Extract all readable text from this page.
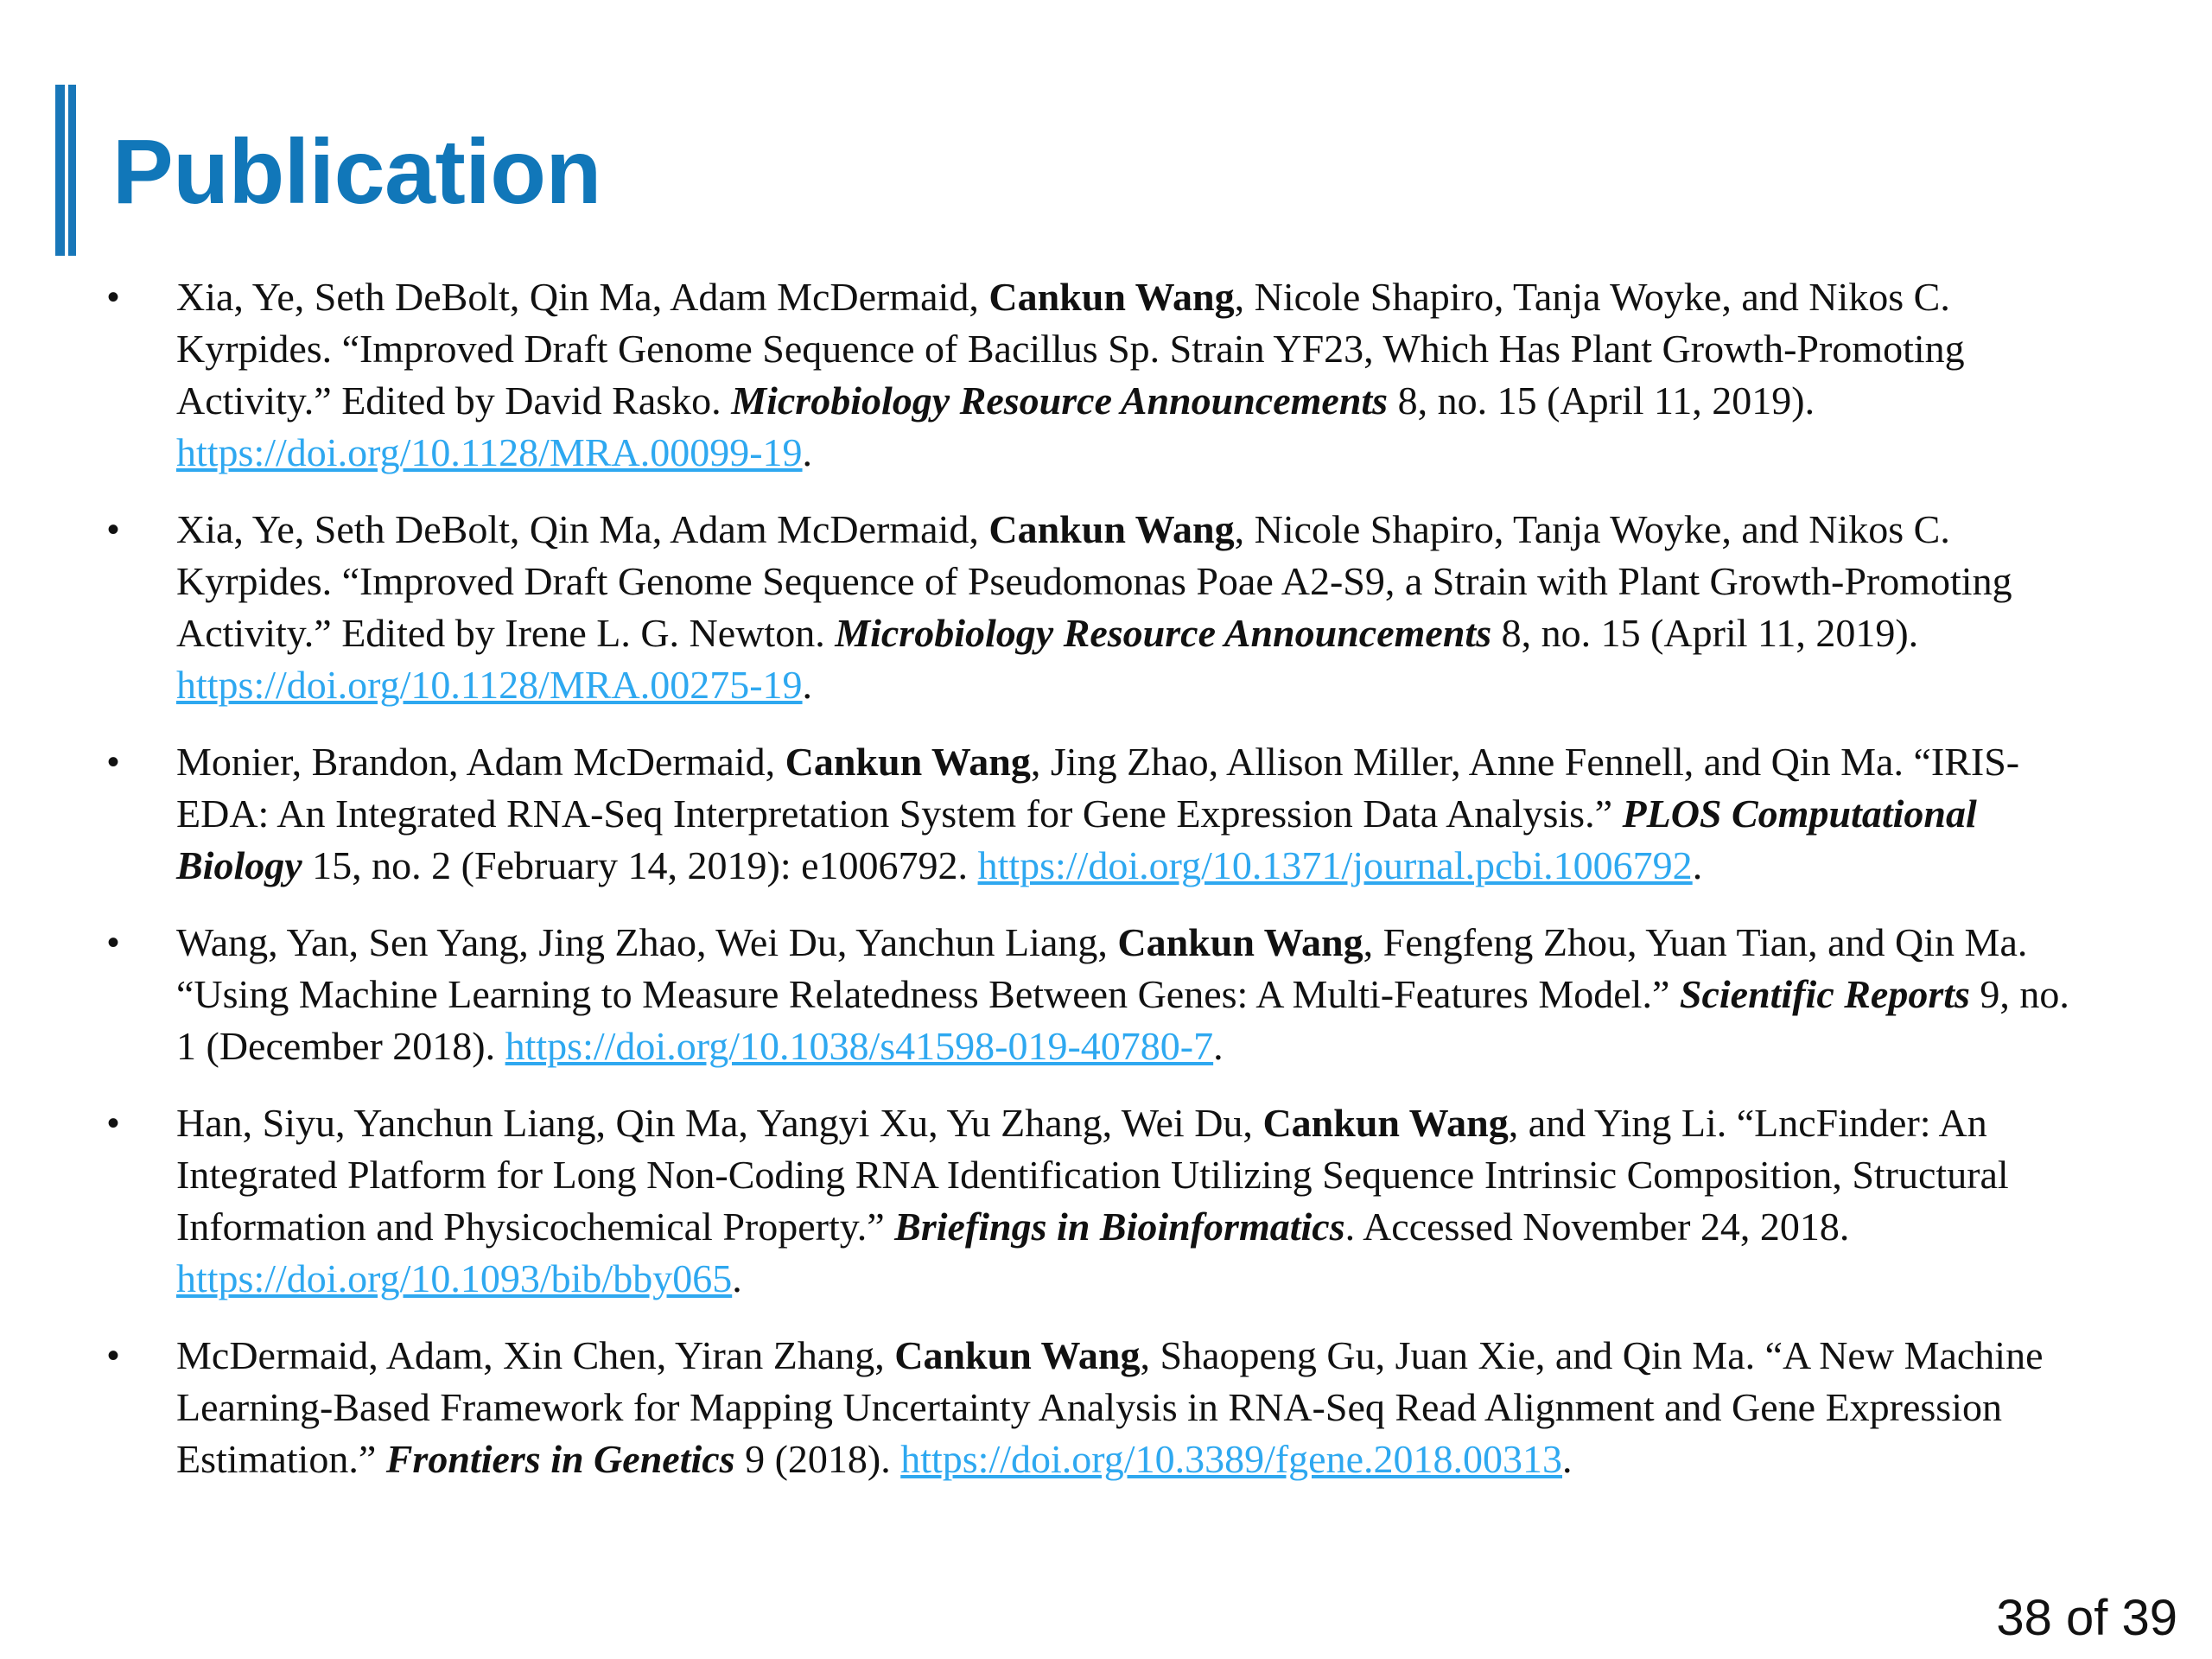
Publication
• Xia, Ye, Seth DeBolt, Qin Ma, Adam McDermaid, Cankun Wang, Nicole Shapiro, Tanja Woyke, and Nikos C. Kyrpides. “Improved Draft Genome Sequence of Bacillus Sp. Strain YF23, Which Has Plant Growth-Promoting Activity.” Edited by David Rasko. Microbiology Resource Announcements 8, no. 15 (April 11, 2019). https://doi.org/10.1128/MRA.00099-19.
• Xia, Ye, Seth DeBolt, Qin Ma, Adam McDermaid, Cankun Wang, Nicole Shapiro, Tanja Woyke, and Nikos C. Kyrpides. “Improved Draft Genome Sequence of Pseudomonas Poae A2-S9, a Strain with Plant Growth-Promoting Activity.” Edited by Irene L. G. Newton. Microbiology Resource Announcements 8, no. 15 (April 11, 2019). https://doi.org/10.1128/MRA.00275-19.
• Monier, Brandon, Adam McDermaid, Cankun Wang, Jing Zhao, Allison Miller, Anne Fennell, and Qin Ma. “IRIS-EDA: An Integrated RNA-Seq Interpretation System for Gene Expression Data Analysis.” PLOS Computational Biology 15, no. 2 (February 14, 2019): e1006792. https://doi.org/10.1371/journal.pcbi.1006792.
• Wang, Yan, Sen Yang, Jing Zhao, Wei Du, Yanchun Liang, Cankun Wang, Fengfeng Zhou, Yuan Tian, and Qin Ma. “Using Machine Learning to Measure Relatedness Between Genes: A Multi-Features Model.” Scientific Reports 9, no. 1 (December 2018). https://doi.org/10.1038/s41598-019-40780-7.
• Han, Siyu, Yanchun Liang, Qin Ma, Yangyi Xu, Yu Zhang, Wei Du, Cankun Wang, and Ying Li. “LncFinder: An Integrated Platform for Long Non-Coding RNA Identification Utilizing Sequence Intrinsic Composition, Structural Information and Physicochemical Property.” Briefings in Bioinformatics. Accessed November 24, 2018. https://doi.org/10.1093/bib/bby065.
• McDermaid, Adam, Xin Chen, Yiran Zhang, Cankun Wang, Shaopeng Gu, Juan Xie, and Qin Ma. “A New Machine Learning-Based Framework for Mapping Uncertainty Analysis in RNA-Seq Read Alignment and Gene Expression Estimation.” Frontiers in Genetics 9 (2018). https://doi.org/10.3389/fgene.2018.00313.
38 of 39
